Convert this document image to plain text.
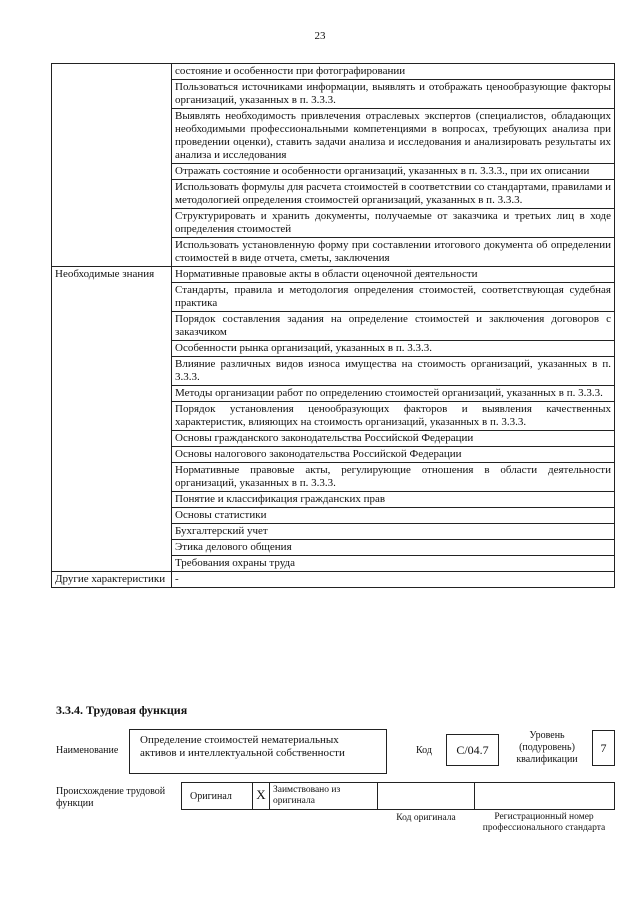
23
	состояние и особенности при фотографировании
	Пользоваться источниками информации, выявлять и отображать ценообразующие факторы организаций, указанных в п. 3.3.3.
	Выявлять необходимость привлечения отраслевых экспертов (специалистов, обладающих необходимыми профессиональными компетенциями в вопросах, требующих анализа при проведении оценки), ставить задачи анализа и исследования и анализировать результаты их анализа и исследования
	Отражать состояние и особенности организаций, указанных в п. 3.3.3., при их описании
	Использовать формулы для расчета стоимостей в соответствии со стандартами, правилами и методологией определения стоимостей организаций, указанных в п. 3.3.3.
	Структурировать и хранить документы, получаемые от заказчика и третьих лиц в ходе определения стоимостей
	Использовать установленную форму при составлении итогового документа об определении стоимостей в виде отчета, сметы, заключения
Необходимые знания	Нормативные правовые акты в области оценочной деятельности
	Стандарты, правила и методология определения стоимостей, соответствующая судебная практика
	Порядок составления задания на определение стоимостей и заключения договоров с заказчиком
	Особенности рынка организаций, указанных в п. 3.3.3.
	Влияние различных видов износа имущества на стоимость организаций, указанных в п. 3.3.3.
	Методы организации работ по определению стоимостей организаций, указанных в п. 3.3.3.
	Порядок установления ценообразующих факторов и выявления качественных характеристик, влияющих на стоимость организаций, указанных в п. 3.3.3.
	Основы гражданского законодательства Российской Федерации
	Основы налогового законодательства Российской Федерации
	Нормативные правовые акты, регулирующие отношения в области деятельности организаций, указанных в п. 3.3.3.
	Понятие и классификация гражданских прав
	Основы статистики
	Бухгалтерский учет
	Этика делового общения
	Требования охраны труда
Другие характеристики	-
3.3.4. Трудовая функция
Наименование
Определение стоимостей нематериальных активов и интеллектуальной собственности	Код	C/04.7
Уровень (подуровень) квалификации
7
Происхождение трудовой функции
Оригинал X Заимствовано из оригинала
Код оригинала	Регистрационный номер профессионального стандарта
